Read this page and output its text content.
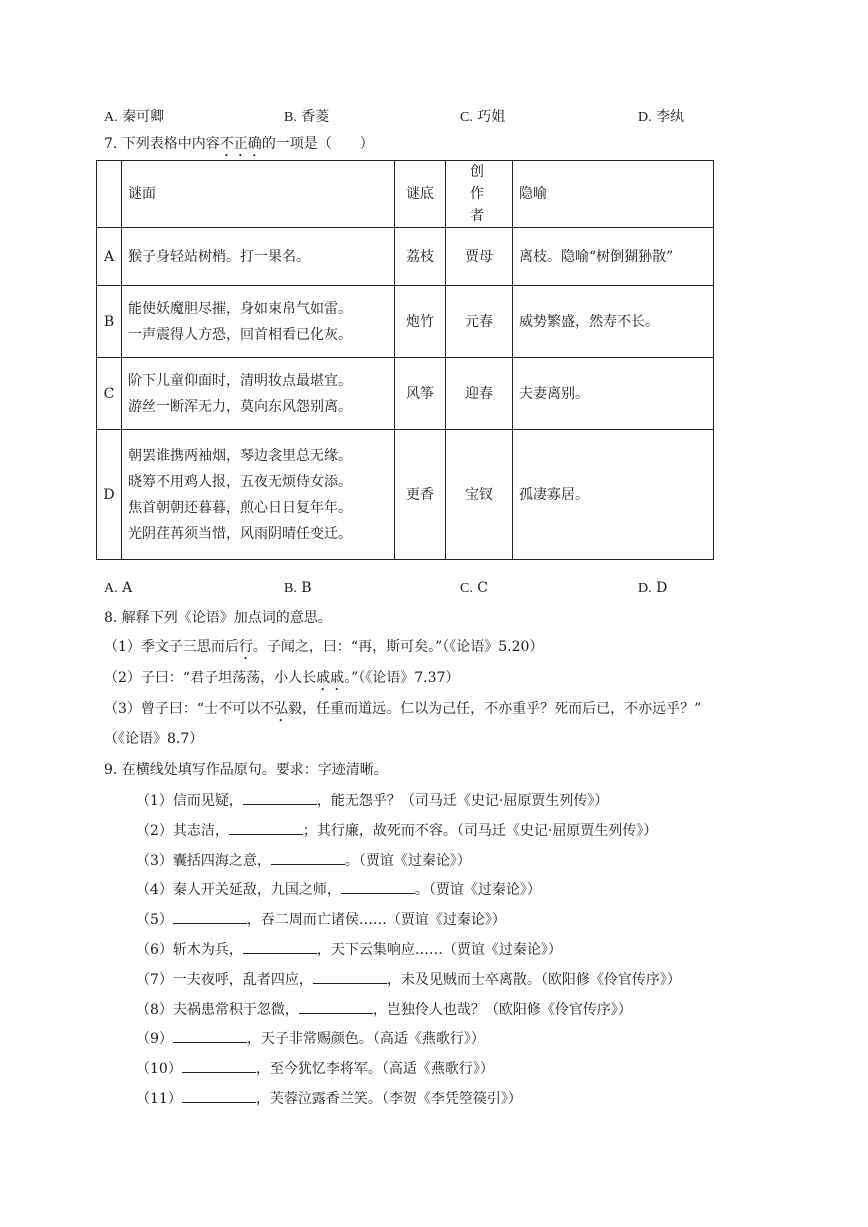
A. 秦可卿	B. 香菱	C. 巧姐	D. 李纨
7. 下列表格中内容不正确的一项是（　　）
	谜面	谜底	创作者	隐喻
A	猴子身轻站树梢。打一果名。	荔枝	贾母	离枝。隐喻“树倒猢狲散”
B	能使妖魔胆尽摧，身如束帛气如雷。
一声震得人方恐，回首相看已化灰。	炮竹	元春	威势繁盛，然寿不长。
C	阶下儿童仰面时，清明妆点最堪宜。
游丝一断浑无力，莫向东风怨别离。	风筝	迎春	夫妻离别。
D	朝罢谁携两袖烟，琴边衾里总无缘。
晓筹不用鸡人报，五夜无烦侍女添。
焦首朝朝还暮暮，煎心日日复年年。
光阴荏苒须当惜，风雨阴晴任变迁。	更香	宝钗	孤凄寡居。
A. A	B. B	C. C	D. D
8. 解释下列《论语》加点词的意思。
（1）季文子三思而后行。子闻之，曰：“再，斯可矣。”（《论语》5.20）
（2）子曰：“君子坦荡荡，小人长戚戚。”（《论语》7.37）
（3）曾子曰：“士不可以不弘毅，任重而道远。仁以为己任，不亦重乎？死而后已，不亦远乎？”
（《论语》8.7）
9. 在横线处填写作品原句。要求：字迹清晰。
（1）信而见疑，	，能无怨乎？（司马迁《史记·屈原贾生列传》）
（2）其志洁，	；其行廉，故死而不容。（司马迁《史记·屈原贾生列传》）
（3）囊括四海之意，	。（贾谊《过秦论》）
（4）秦人开关延敌，九国之师，	。（贾谊《过秦论》）
（5）	，吞二周而亡诸侯……（贾谊《过秦论》）
（6）斩木为兵，	，天下云集响应……（贾谊《过秦论》）
（7）一夫夜呼，乱者四应，	，未及见贼而士卒离散。（欧阳修《伶官传序》）
（8）夫祸患常积于忽微，	，岂独伶人也哉？（欧阳修《伶官传序》）
（9）	，天子非常赐颜色。（高适《燕歌行》）
（10）	，至今犹忆李将军。（高适《燕歌行》）
（11）	，芙蓉泣露香兰笑。（李贺《李凭箜篌引》）
